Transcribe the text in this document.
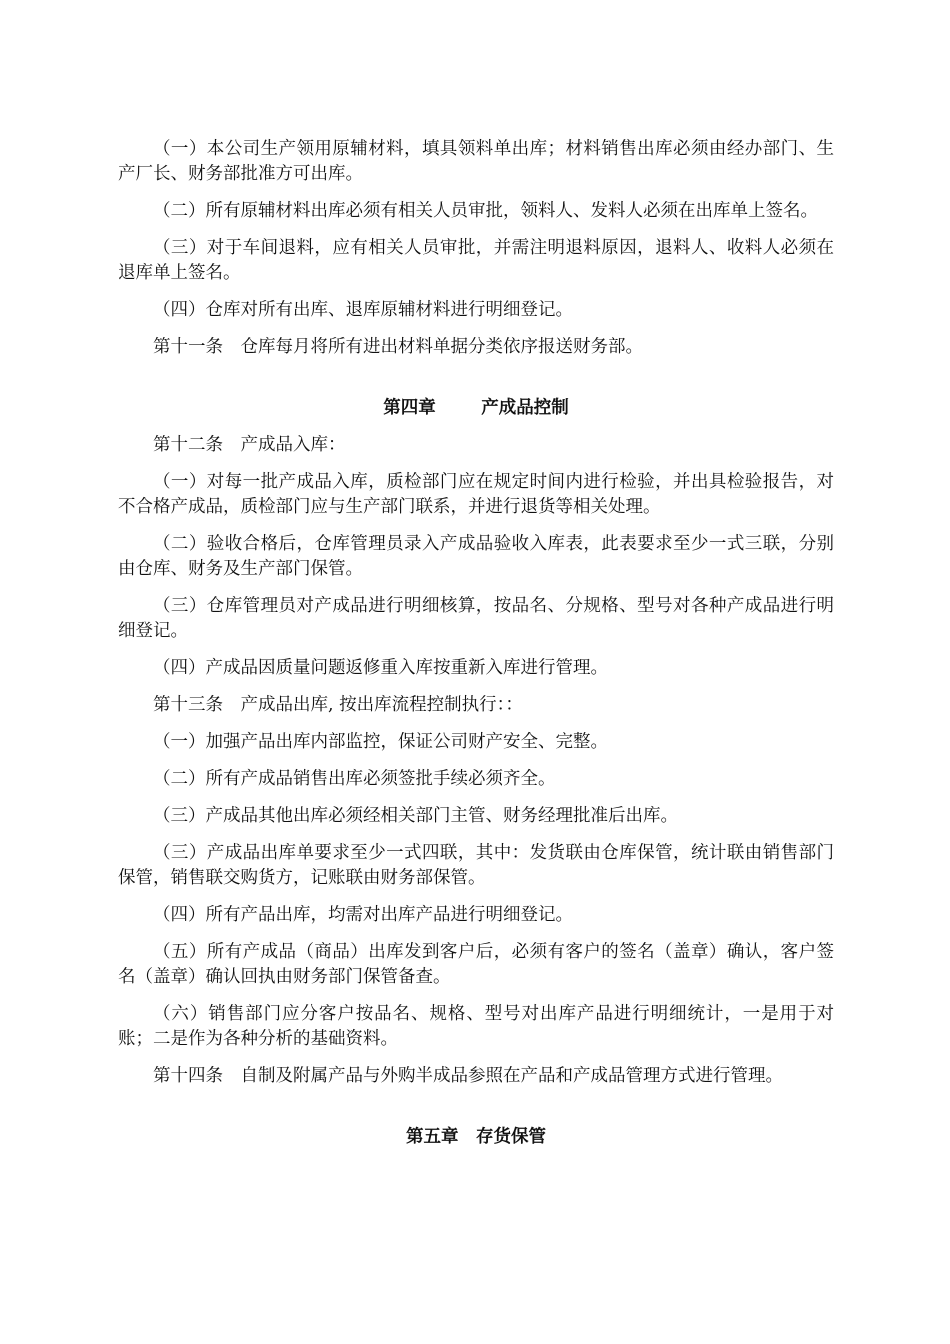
（一）本公司生产领用原辅材料，填具领料单出库；材料销售出库必须由经办部门、生产厂长、财务部批准方可出库。

（二）所有原辅材料出库必须有相关人员审批，领料人、发料人必须在出库单上签名。

（三）对于车间退料，应有相关人员审批，并需注明退料原因，退料人、收料人必须在退库单上签名。

（四）仓库对所有出库、退库原辅材料进行明细登记。

第十一条　仓库每月将所有进出材料单据分类依序报送财务部。

第四章	产成品控制

第十二条　产成品入库：

（一）对每一批产成品入库，质检部门应在规定时间内进行检验，并出具检验报告，对不合格产成品，质检部门应与生产部门联系，并进行退货等相关处理。

（二）验收合格后，仓库管理员录入产成品验收入库表，此表要求至少一式三联，分别由仓库、财务及生产部门保管。

（三）仓库管理员对产成品进行明细核算，按品名、分规格、型号对各种产成品进行明细登记。

（四）产成品因质量问题返修重入库按重新入库进行管理。

第十三条　产成品出库, 按出库流程控制执行：：

（一）加强产品出库内部监控，保证公司财产安全、完整。

（二）所有产成品销售出库必须签批手续必须齐全。

（三）产成品其他出库必须经相关部门主管、财务经理批准后出库。

（三）产成品出库单要求至少一式四联，其中：发货联由仓库保管，统计联由销售部门保管，销售联交购货方，记账联由财务部保管。

（四）所有产品出库，均需对出库产品进行明细登记。

（五）所有产成品（商品）出库发到客户后，必须有客户的签名（盖章）确认，客户签名（盖章）确认回执由财务部门保管备查。

（六）销售部门应分客户按品名、规格、型号对出库产品进行明细统计，一是用于对账；二是作为各种分析的基础资料。

第十四条　自制及附属产品与外购半成品参照在产品和产成品管理方式进行管理。

第五章 存货保管
